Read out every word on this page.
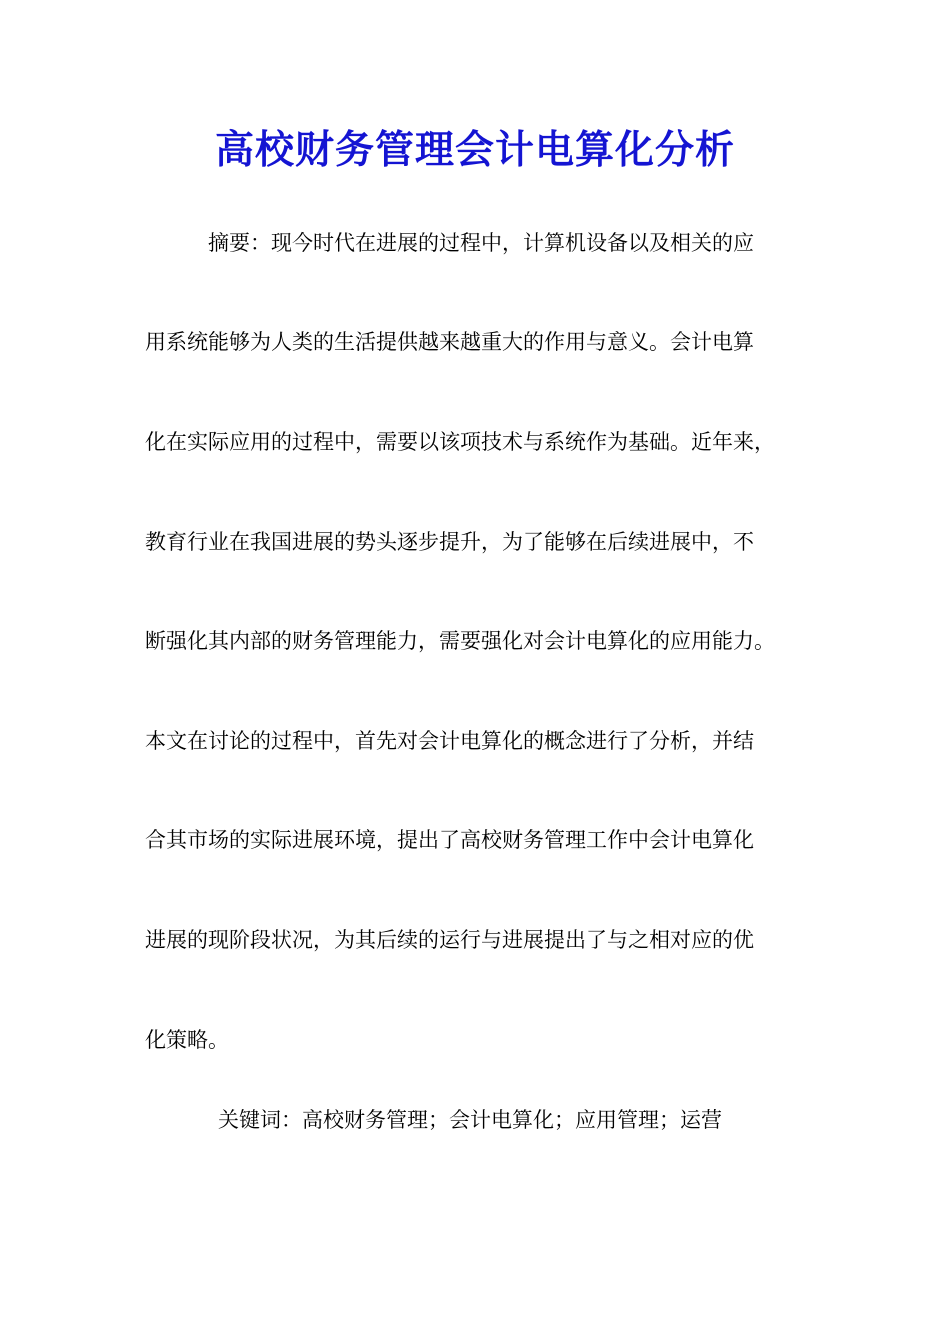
高校财务管理会计电算化分析

　　　摘要：现今时代在进展的过程中，计算机设备以及相关的应

用系统能够为人类的生活提供越来越重大的作用与意义。会计电算

化在实际应用的过程中，需要以该项技术与系统作为基础。近年来，

教育行业在我国进展的势头逐步提升，为了能够在后续进展中，不

断强化其内部的财务管理能力，需要强化对会计电算化的应用能力。

本文在讨论的过程中，首先对会计电算化的概念进行了分析，并结

合其市场的实际进展环境，提出了高校财务管理工作中会计电算化

进展的现阶段状况，为其后续的运行与进展提出了与之相对应的优

化策略。

关键词：高校财务管理；会计电算化；应用管理；运营
